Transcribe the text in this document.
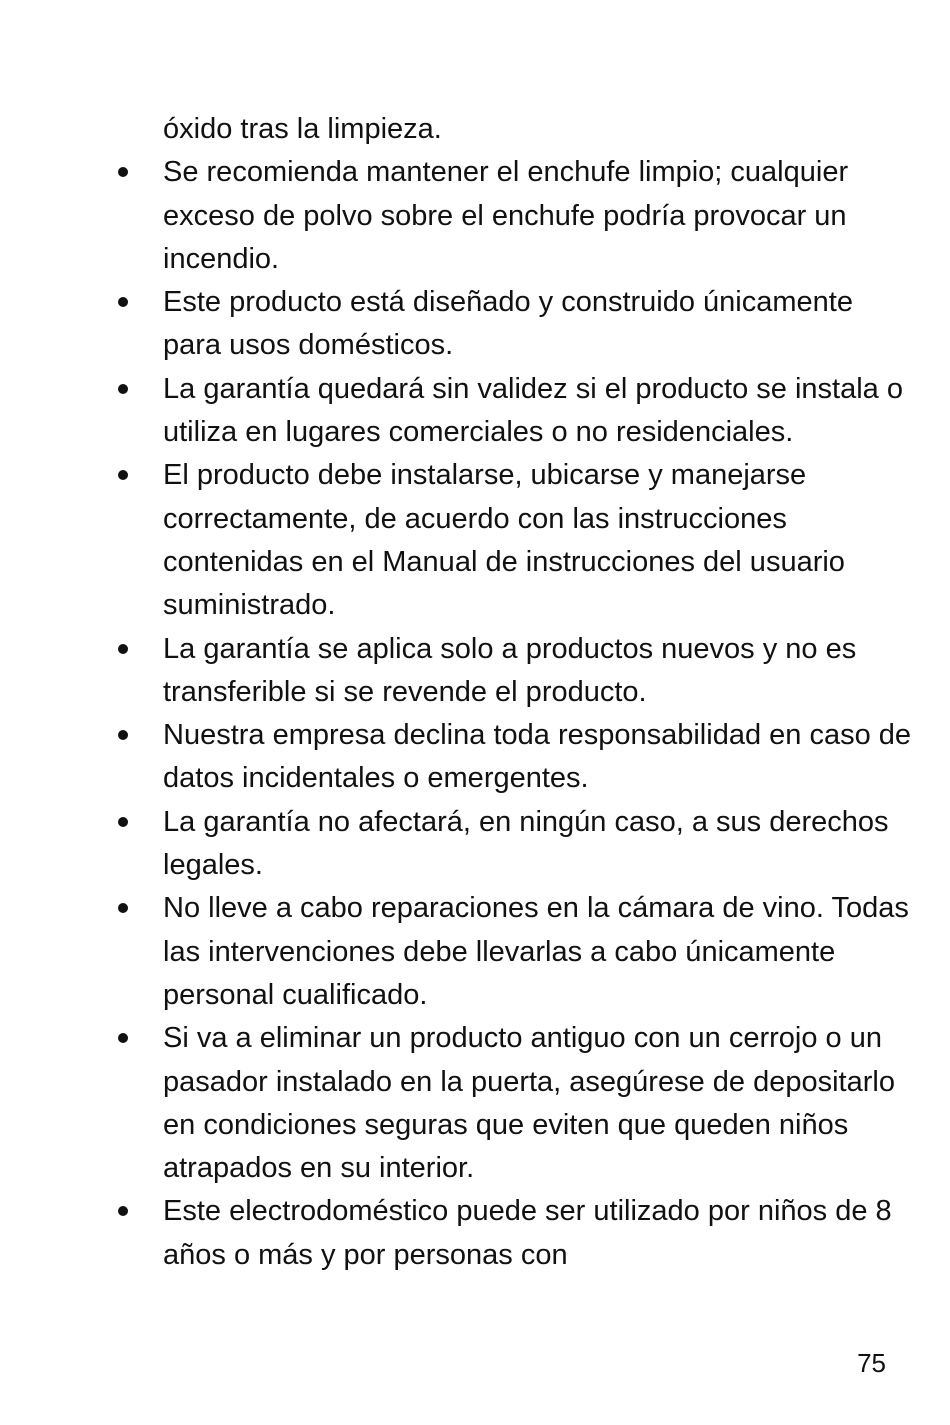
óxido tras la limpieza.

Se recomienda mantener el enchufe limpio; cualquier exceso de polvo sobre el enchufe podría provocar un incendio.
Este producto está diseñado y construido únicamente para usos domésticos.
La garantía quedará sin validez si el producto se instala o utiliza en lugares comerciales o no residenciales.
El producto debe instalarse, ubicarse y manejarse correctamente, de acuerdo con las instrucciones contenidas en el Manual de instrucciones del usuario suministrado.
La garantía se aplica solo a productos nuevos y no es transferible si se revende el producto.
Nuestra empresa declina toda responsabilidad en caso de datos incidentales o emergentes.
La garantía no afectará, en ningún caso, a sus derechos legales.
No lleve a cabo reparaciones en la cámara de vino. Todas las intervenciones debe llevarlas a cabo únicamente personal cualificado.
Si va a eliminar un producto antiguo con un cerrojo o un pasador instalado en la puerta, asegúrese de depositarlo en condiciones seguras que eviten que queden niños atrapados en su interior.
Este electrodoméstico puede ser utilizado por niños de 8 años o más y por personas con
75
